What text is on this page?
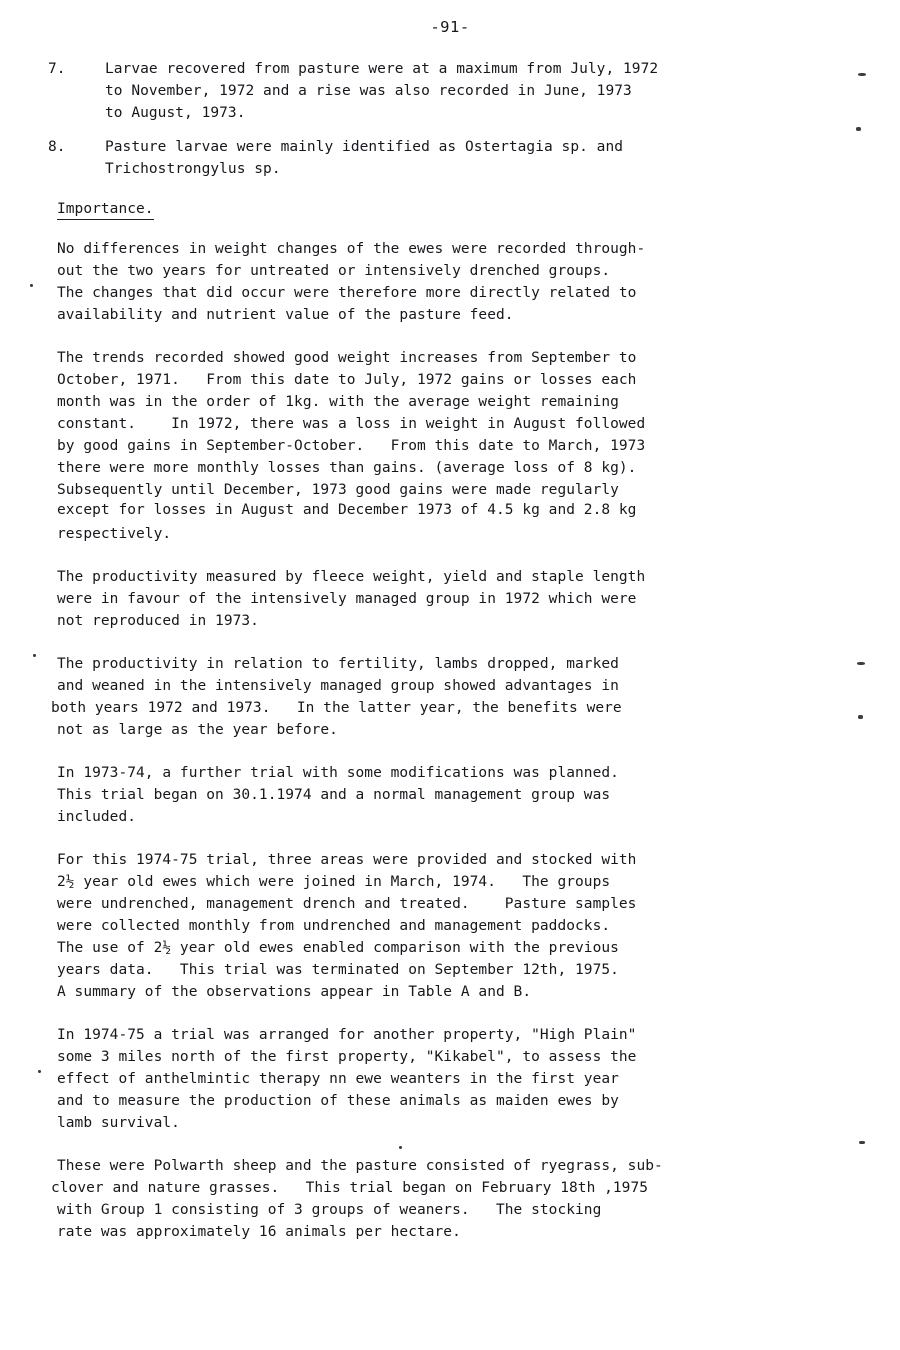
-91-
7.	Larvae recovered from pasture were at a maximum from July, 1972
to November, 1972 and a rise was also recorded in June, 1973
to August, 1973.
8.	Pasture larvae were mainly identified as Ostertagia sp. and
Trichostrongylus sp.
Importance.
No differences in weight changes of the ewes were recorded through-
out the two years for untreated or intensively drenched groups.
The changes that did occur were therefore more directly related to
availability and nutrient value of the pasture feed.
The trends recorded showed good weight increases from September to
October, 1971.   From this date to July, 1972 gains or losses each
month was in the order of 1kg. with the average weight remaining
constant.    In 1972, there was a loss in weight in August followed
by good gains in September-October.   From this date to March, 1973
there were more monthly losses than gains. (average loss of 8 kg).
Subsequently until December, 1973 good gains were made regularly
except for losses in August and December 1973 of 4.5 kg and 2.8 kg
respectively.
The productivity measured by fleece weight, yield and staple length
were in favour of the intensively managed group in 1972 which were
not reproduced in 1973.
The productivity in relation to fertility, lambs dropped, marked
and weaned in the intensively managed group showed advantages in
both years 1972 and 1973.   In the latter year, the benefits were
not as large as the year before.
In 1973-74, a further trial with some modifications was planned.
This trial began on 30.1.1974 and a normal management group was
included.
For this 1974-75 trial, three areas were provided and stocked with
2½ year old ewes which were joined in March, 1974.   The groups
were undrenched, management drench and treated.    Pasture samples
were collected monthly from undrenched and management paddocks.
The use of 2½ year old ewes enabled comparison with the previous
years data.   This trial was terminated on September 12th, 1975.
A summary of the observations appear in Table A and B.
In 1974-75 a trial was arranged for another property, "High Plain"
some 3 miles north of the first property, "Kikabel", to assess the
effect of anthelmintic therapy nn ewe weanters in the first year
and to measure the production of these animals as maiden ewes by
lamb survival.
These were Polwarth sheep and the pasture consisted of ryegrass, sub-
clover and nature grasses.   This trial began on February 18th ,1975
with Group 1 consisting of 3 groups of weaners.   The stocking
rate was approximately 16 animals per hectare.
